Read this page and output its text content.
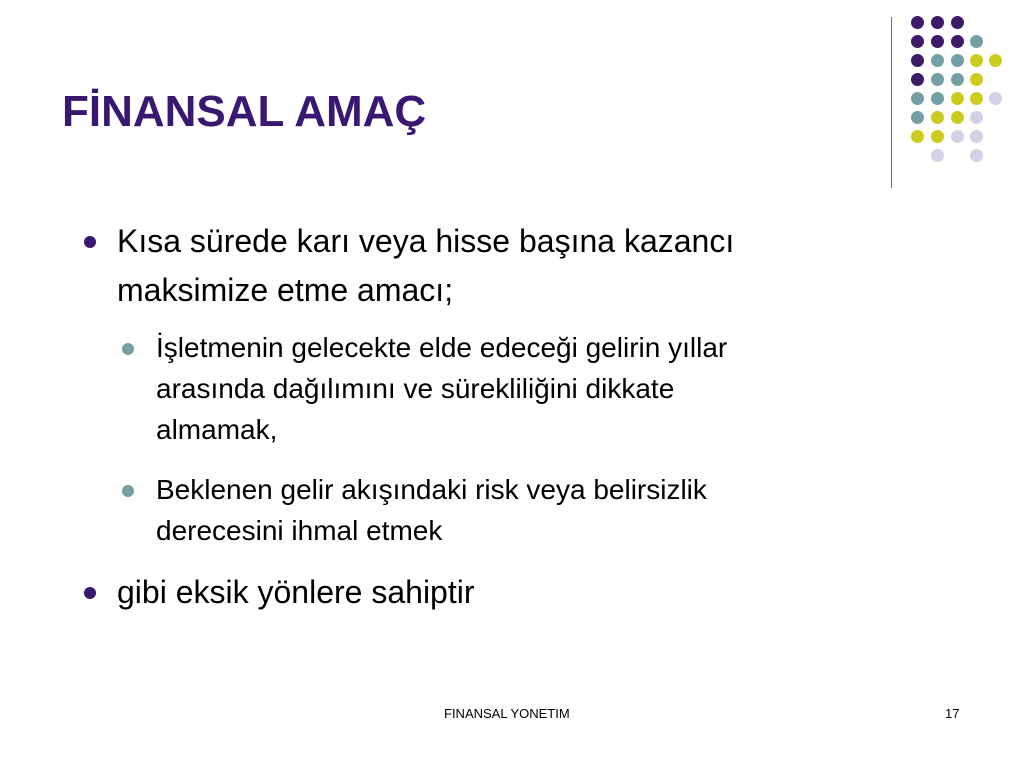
FİNANSAL AMAÇ
Kısa sürede karı veya hisse başına kazancı
maksimize etme amacı;
İşletmenin gelecekte elde edeceği gelirin yıllar
arasında dağılımını ve sürekliliğini dikkate
almamak,
Beklenen gelir akışındaki risk veya belirsizlik
derecesini ihmal etmek
gibi eksik yönlere sahiptir
FINANSAL YONETIM	17
